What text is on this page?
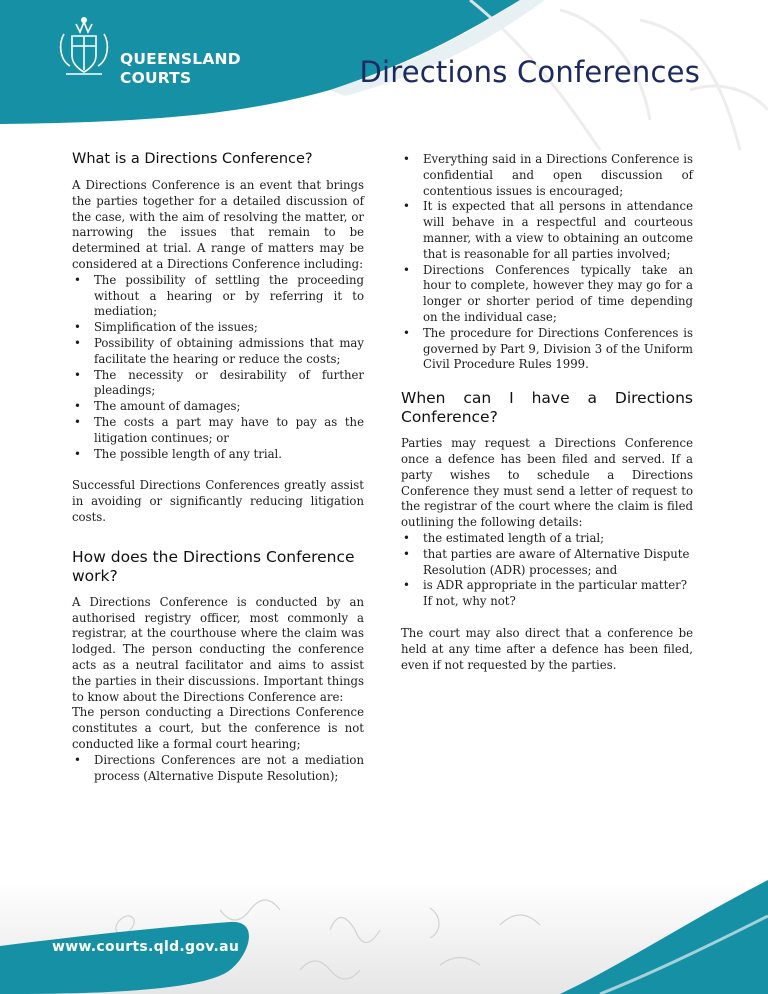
QUEENSLAND
COURTS	Directions Conferences
What is a Directions Conference?

A Directions Conference is an event that brings the parties together for a detailed discussion of the case, with the aim of resolving the matter, or narrowing the issues that remain to be determined at trial. A range of matters may be considered at a Directions Conference including:

• The possibility of settling the proceeding without a hearing or by referring it to mediation;
• Simplification of the issues;
• Possibility of obtaining admissions that may facilitate the hearing or reduce the costs;
• The necessity or desirability of further pleadings;
• The amount of damages;
• The costs a part may have to pay as the litigation continues; or
• The possible length of any trial.

Successful Directions Conferences greatly assist in avoiding or significantly reducing litigation costs.

How does the Directions Conference work?

A Directions Conference is conducted by an authorised registry officer, most commonly a registrar, at the courthouse where the claim was lodged. The person conducting the conference acts as a neutral facilitator and aims to assist the parties in their discussions. Important things to know about the Directions Conference are:

The person conducting a Directions Conference constitutes a court, but the conference is not conducted like a formal court hearing;

• Directions Conferences are not a mediation process (Alternative Dispute Resolution);
• Everything said in a Directions Conference is confidential and open discussion of contentious issues is encouraged;
• It is expected that all persons in attendance will behave in a respectful and courteous manner, with a view to obtaining an outcome that is reasonable for all parties involved;
• Directions Conferences typically take an hour to complete, however they may go for a longer or shorter period of time depending on the individual case;
• The procedure for Directions Conferences is governed by Part 9, Division 3 of the Uniform Civil Procedure Rules 1999.
When can I have a Directions Conference?

Parties may request a Directions Conference once a defence has been filed and served. If a party wishes to schedule a Directions Conference they must send a letter of request to the registrar of the court where the claim is filed outlining the following details:

• the estimated length of a trial;
• that parties are aware of Alternative Dispute Resolution (ADR) processes; and
• is ADR appropriate in the particular matter? If not, why not?

The court may also direct that a conference be held at any time after a defence has been filed, even if not requested by the parties.

www.courts.qld.gov.au
